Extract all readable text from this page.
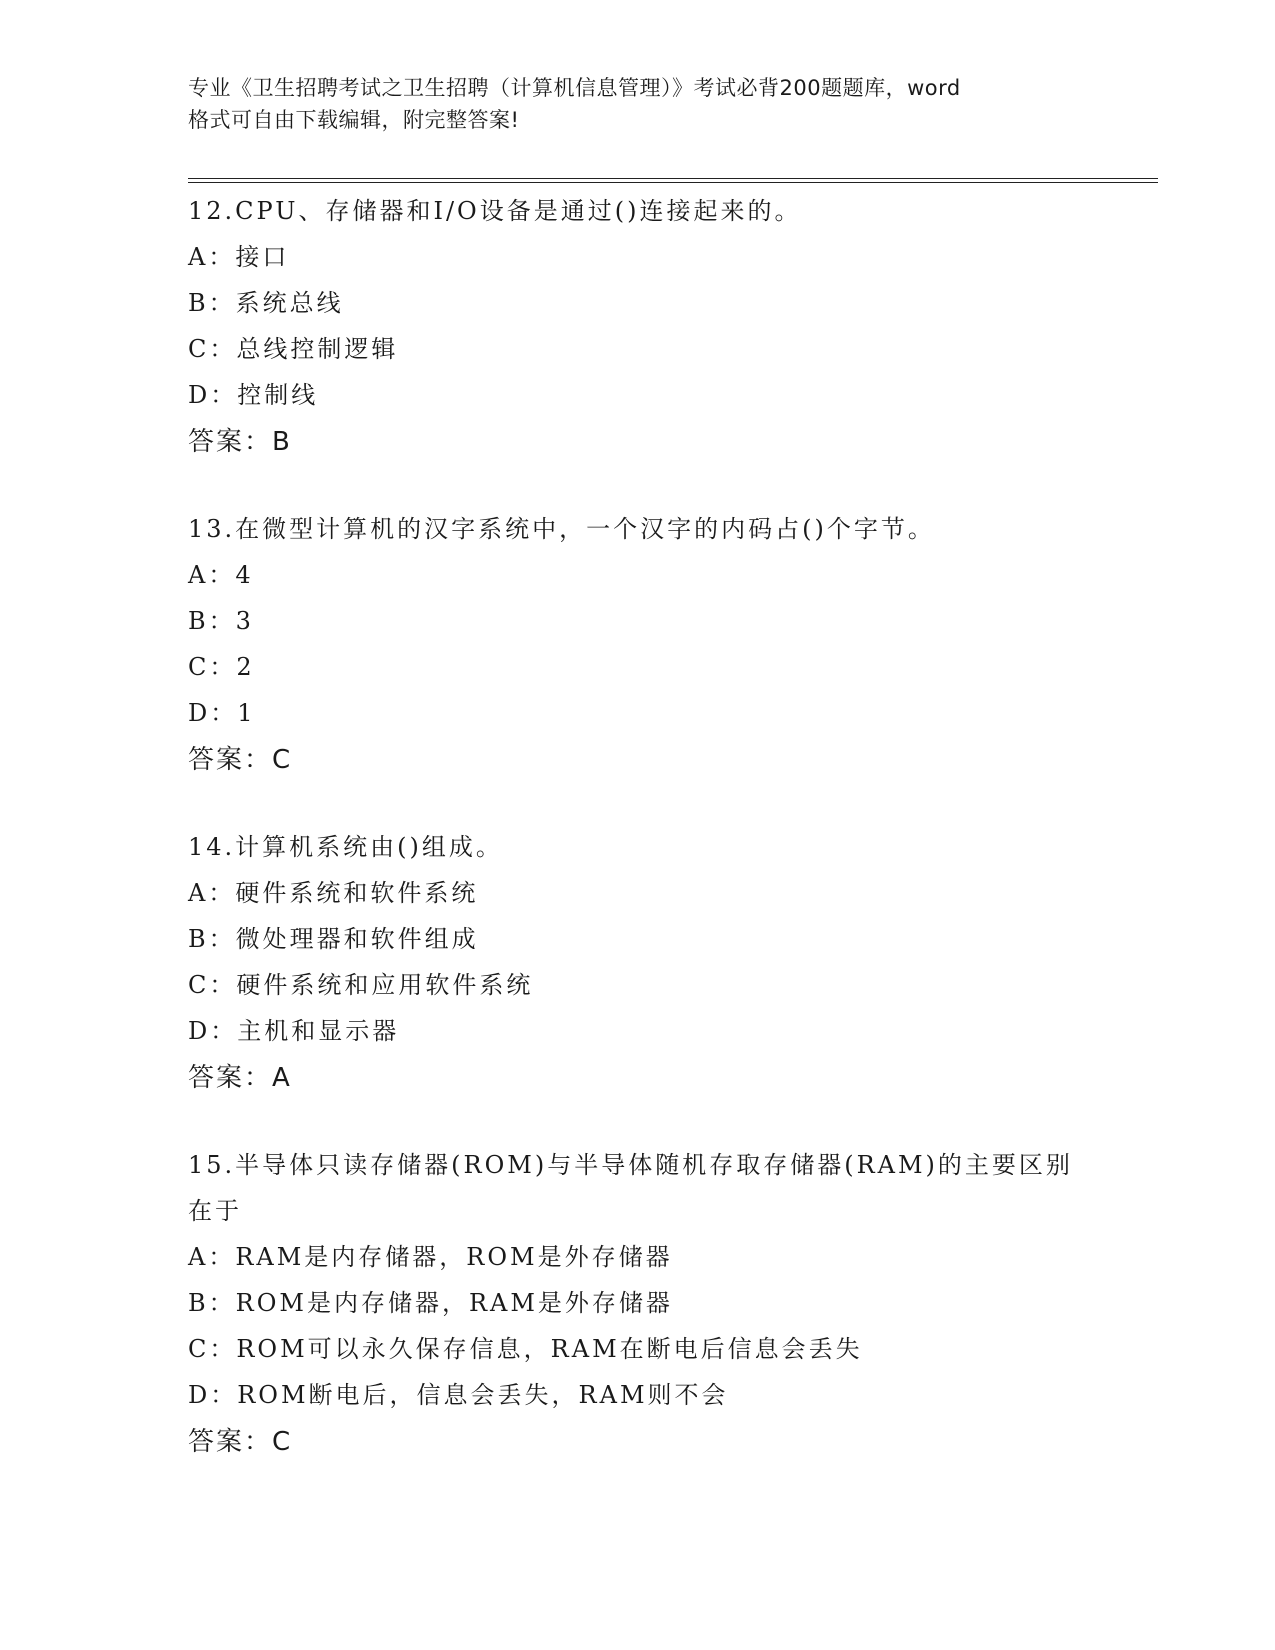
专业《卫生招聘考试之卫生招聘（计算机信息管理）》考试必背200题题库，word
格式可自由下载编辑，附完整答案!
12.CPU、存储器和I/O设备是通过()连接起来的。
A：接口
B：系统总线
C：总线控制逻辑
D：控制线
答案：B
13.在微型计算机的汉字系统中，一个汉字的内码占()个字节。
A：4
B：3
C：2
D：1
答案：C
14.计算机系统由()组成。
A：硬件系统和软件系统
B：微处理器和软件组成
C：硬件系统和应用软件系统
D：主机和显示器
答案：A
15.半导体只读存储器(ROM)与半导体随机存取存储器(RAM)的主要区别在于
A：RAM是内存储器，ROM是外存储器
B：ROM是内存储器，RAM是外存储器
C：ROM可以永久保存信息，RAM在断电后信息会丢失
D：ROM断电后，信息会丢失，RAM则不会
答案：C
